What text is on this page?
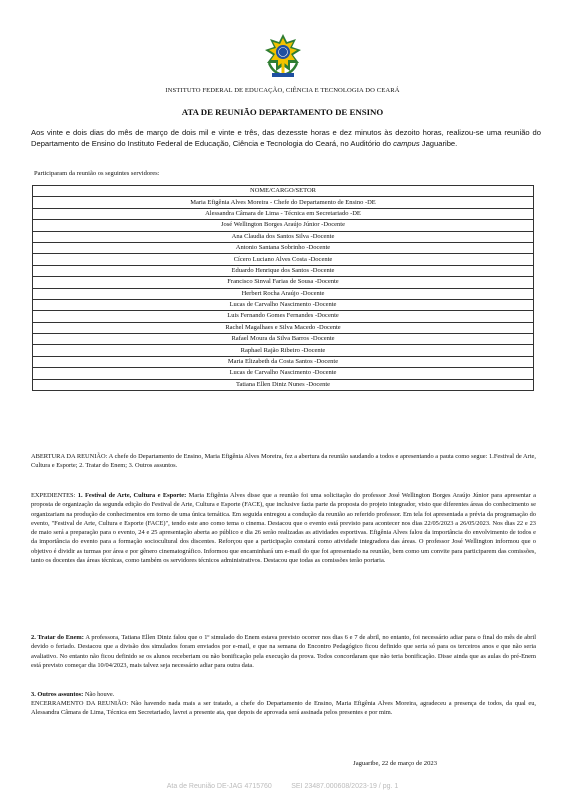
INSTITUTO FEDERAL DE EDUCAÇÃO, CIÊNCIA E TECNOLOGIA DO CEARÁ
ATA DE REUNIÃO DEPARTAMENTO DE ENSINO
Aos vinte e dois dias do mês de março de dois mil e vinte e três, das dezesste horas e dez minutos às dezoito horas, realizou-se uma reunião do Departamento de Ensino do Instituto Federal de Educação, Ciência e Tecnologia do Ceará, no Auditório do campus Jaguaribe.
Participaram da reunião os seguintes servidores:
NOME/CARGO/SETOR
Maria Efigênia Alves Moreira - Chefe do Departamento de Ensino -DE
Alessandra Câmara de Lima - Técnica em Secretariado -DE
José Wellington Borges Araújo Júnior -Docente
Ana Claudia dos Santos Silva -Docente
Antonio Santana Sobrinho -Docente
Cícero Luciano Alves Costa -Docente
Eduardo Henrique dos Santos -Docente
Francisco Sinval Farias de Sousa -Docente
Herbert Rocha Araújo -Docente
Lucas de Carvalho Nascimento -Docente
Luis Fernando Gomes Fernandes -Docente
Rachel Magalhaes e Silva Macedo -Docente
Rafael Moura da Silva Barros -Docente
Raphael Rajão Ribeiro -Docente
Maria Elizabeth da Costa Santos -Docente
Lucas de Carvalho Nascimento -Docente
Tatiana Ellen Diniz Nunes -Docente
ABERTURA DA REUNIÃO: A chefe do Departamento de Ensino, Maria Efigênia Alves Moreira, fez a abertura da reunião saudando a todos e apresentando a pauta como segue: 1.Festival de Arte, Cultura e Esporte; 2. Tratar do Enem; 3. Outros assuntos.
EXPEDIENTES: 1. Festival de Arte, Cultura e Esporte: Maria Efigênia Alves disse que a reunião foi uma solicitação do professor José Wellington Borges Araújo Júnior para apresentar a proposta de organização da segunda edição do Festival de Arte, Cultura e Esporte (FACE), que inclusive fazia parte da proposta do projeto integrador, visto que diferentes áreas do conhecimento se organizariam na produção de conhecimentos em torno de uma única temática. Em seguida entregou a condução da reunião ao referido professor. Em tela foi apresentada a prévia da programação do evento, "Festival de Arte, Cultura e Esporte (FACE)", tendo este ano como tema o cinema. Destacou que o evento está previsto para acontecer nos dias 22/05/2023 a 26/05/2023. Nos dias 22 e 23 de maio será a preparação para o evento, 24 e 25 apresentação aberta ao público e dia 26 serão realizadas as atividades esportivas. Efigênia Alves falou da importância do envolvimento de todos e da importância do evento para a formação sociocultural dos discentes. Reforçou que a participação constará como atividade integradora das áreas. O professor José Wellington informou que o objetivo é dividir as turmas por área e por gênero cinematográfico. Informou que encaminhará um e-mail do que foi apresentado na reunião, bem como um convite para participarem das comissões, tanto os docentes das áreas técnicas, como também os servidores técnicos administrativos. Destacou que todas as comissões terão portaria.
2. Tratar do Enem: A professora, Tatiana Ellen Diniz falou que o 1º simulado do Enem estava previsto ocorrer nos dias 6 e 7 de abril, no entanto, foi necessário adiar para o final do mês de abril devido o feriado. Destacou que a divisão dos simulados foram enviados por e-mail, e que na semana do Encontro Pedagógico ficou definido que seria só para os terceiros anos e que não seria avaliativo. No entanto não ficou definido se os alunos receberiam ou não bonificação pela execução da prova. Todos concordaram que não teria bonificação. Disse ainda que as aulas do pré-Enem está previsto começar dia 10/04/2023, mais talvez seja necessário adiar para outra data.
3. Outros assuntos: Não houve.
ENCERRAMENTO DA REUNIÃO: Não havendo nada mais a ser tratado, a chefe do Departamento de Ensino, Maria Efigênia Alves Moreira, agradeceu a presença de todos, da qual eu, Alessandra Câmara de Lima, Técnica em Secretariado, lavrei a presente ata, que depois de aprovada será assinada pelos presentes e por mim.
Jaguaribe, 22 de março de 2023
Ata de Reunião DE-JAG 4715760          SEI 23487.000608/2023-19 / pg. 1
